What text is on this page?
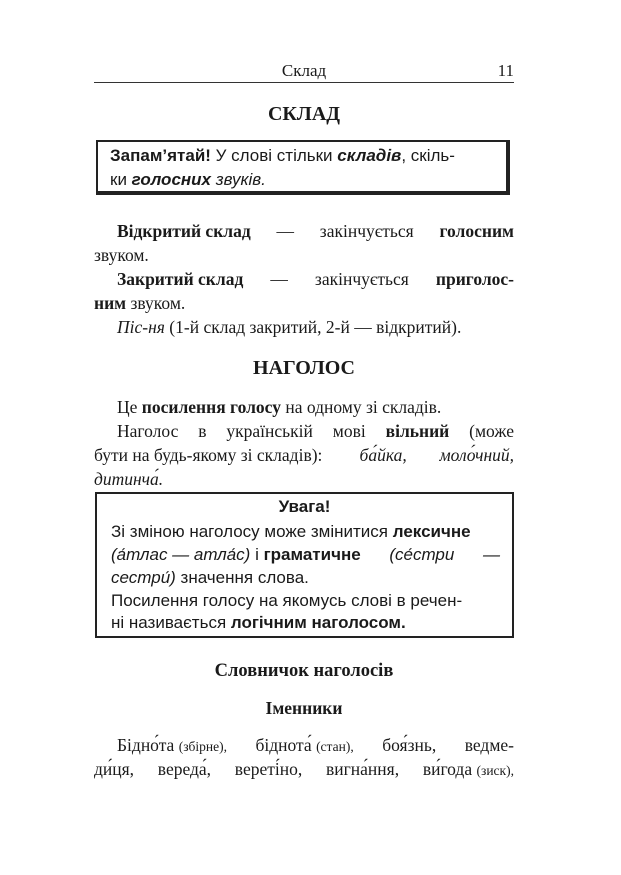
Склад	11
СКЛАД
Запам’ятай! У слові стільки складів, скіль-
ки голосних звуків.
Відкритий склад — закінчується голосним
звуком.
Закритий склад — закінчується приголос-
ним звуком.
Піс-ня (1-й склад закритий, 2-й — відкритий).
НАГОЛОС
Це посилення голосу на одному зі складів.
Наголос в українській мові вільний (може
бути на будь-якому зі складів): ба́йка, моло́чний,
дитинча́.
Увага!
Зі зміною наголосу може змінитися лексичне
(а́тлас — атла́с) і граматичне (се́стри —
сестри́) значення слова.
Посилення голосу на якомусь слові в речен-
ні називається логічним наголосом.
Словничок наголосів
Іменники
Бідно́та (збірне), біднота́ (стан), боя́знь, ведме-
ди́ця, вереда́, вереті́но, вигна́ння, ви́года (зиск),
